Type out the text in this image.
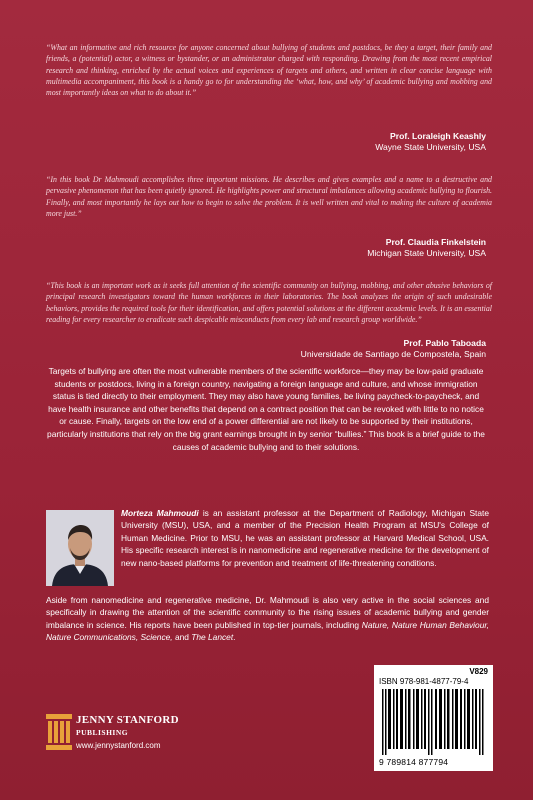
“What an informative and rich resource for anyone concerned about bullying of students and postdocs, be they a target, their family and friends, a (potential) actor, a witness or bystander, or an administrator charged with responding. Drawing from the most recent empirical research and thinking, enriched by the actual voices and experiences of targets and others, and written in clear concise language with multimedia accompaniment, this book is a handy go to for understanding the ‘what, how, and why’ of academic bullying and mobbing and most importantly ideas on what to do about it.”
Prof. Loraleigh Keashly
Wayne State University, USA
“In this book Dr Mahmoudi accomplishes three important missions. He describes and gives examples and a name to a destructive and pervasive phenomenon that has been quietly ignored. He highlights power and structural imbalances allowing academic bullying to flourish. Finally, and most importantly he lays out how to begin to solve the problem. It is well written and vital to making the culture of academia more just.”
Prof. Claudia Finkelstein
Michigan State University, USA
“This book is an important work as it seeks full attention of the scientific community on bullying, mobbing, and other abusive behaviors of principal research investigators toward the human workforces in their laboratories. The book analyzes the origin of such undesirable behaviors, provides the required tools for their identification, and offers potential solutions at the different academic levels. It is an essential reading for every researcher to eradicate such despicable misconducts from every lab and research group worldwide.”
Prof. Pablo Taboada
Universidade de Santiago de Compostela, Spain
Targets of bullying are often the most vulnerable members of the scientific workforce—they may be low-paid graduate students or postdocs, living in a foreign country, navigating a foreign language and culture, and whose immigration status is tied directly to their employment. They may also have young families, be living paycheck-to-paycheck, and have health insurance and other benefits that depend on a contract position that can be revoked with little to no notice or cause. Finally, targets on the low end of a power differential are not likely to be supported by their institutions, particularly institutions that rely on the big grant earnings brought in by senior “bullies.” This book is a brief guide to the causes of academic bullying and to their solutions.
Morteza Mahmoudi is an assistant professor at the Department of Radiology, Michigan State University (MSU), USA, and a member of the Precision Health Program at MSU's College of Human Medicine. Prior to MSU, he was an assistant professor at Harvard Medical School, USA. His specific research interest is in nanomedicine and regenerative medicine for the development of new nano-based platforms for prevention and treatment of life-threatening conditions.
Aside from nanomedicine and regenerative medicine, Dr. Mahmoudi is also very active in the social sciences and specifically in drawing the attention of the scientific community to the rising issues of academic bullying and gender imbalance in science. His reports have been published in top-tier journals, including Nature, Nature Human Behaviour, Nature Communications, Science, and The Lancet.
JENNY STANFORD
PUBLISHING
www.jennystanford.com
V829
ISBN 978-981-4877-79-4
9 789814 877794
